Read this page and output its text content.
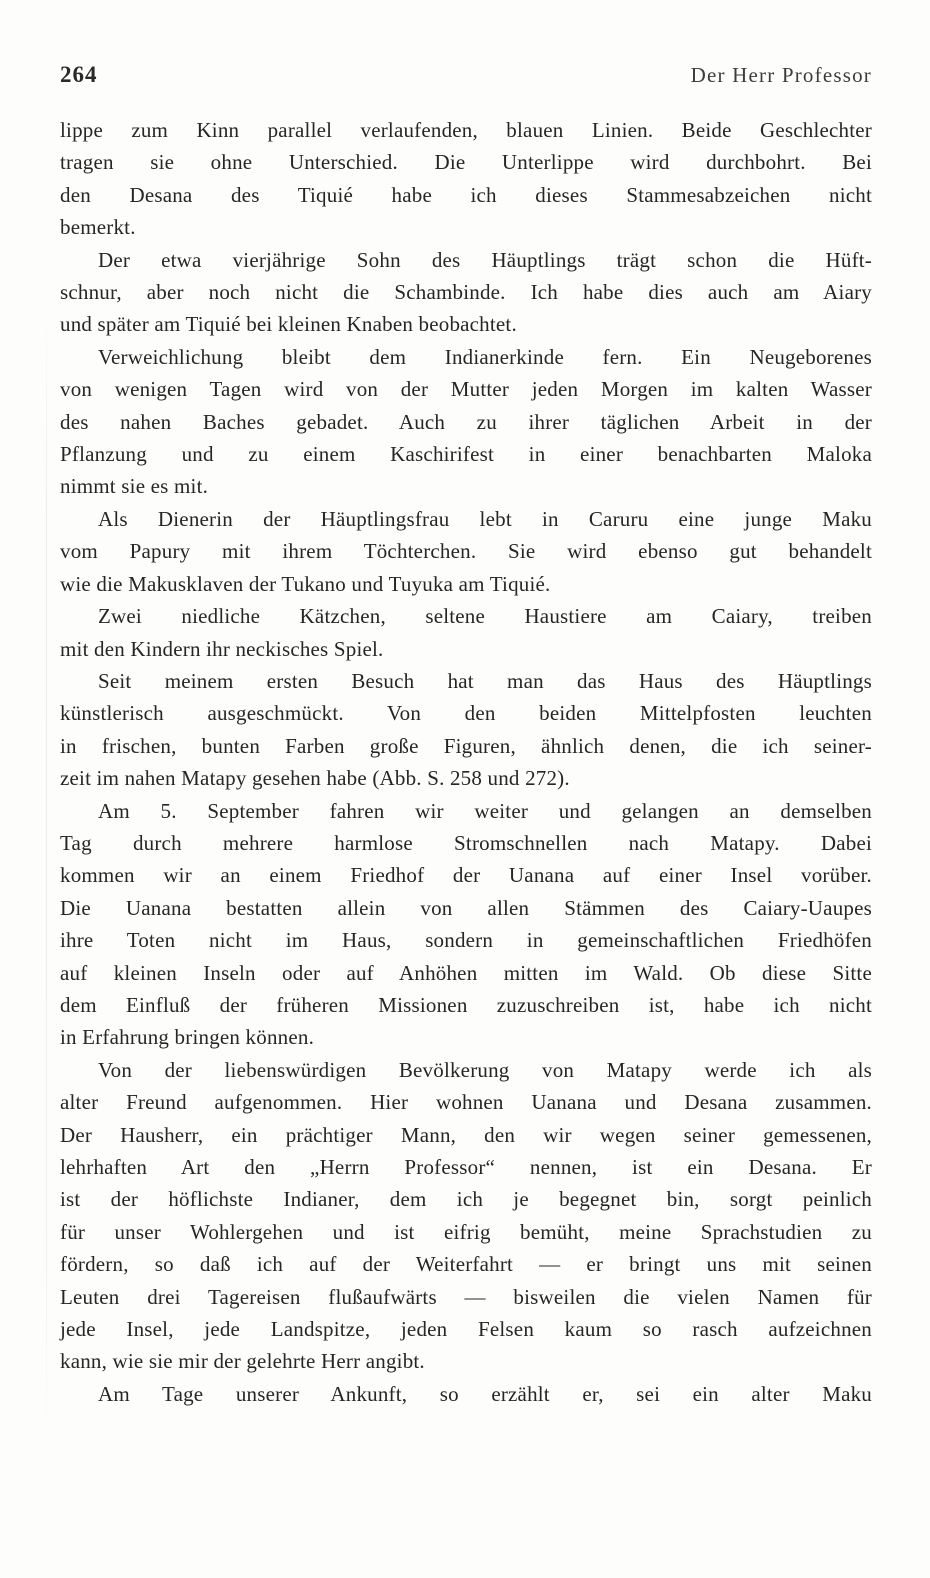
264	Der Herr Professor

lippe zum Kinn parallel verlaufenden, blauen Linien. Beide Geschlechter
tragen sie ohne Unterschied. Die Unterlippe wird durchbohrt. Bei
den Desana des Tiquié habe ich dieses Stammesabzeichen nicht
bemerkt.

Der etwa vierjährige Sohn des Häuptlings trägt schon die Hüft-
schnur, aber noch nicht die Schambinde. Ich habe dies auch am Aiary
und später am Tiquié bei kleinen Knaben beobachtet.

Verweichlichung bleibt dem Indianerkinde fern. Ein Neugeborenes
von wenigen Tagen wird von der Mutter jeden Morgen im kalten Wasser
des nahen Baches gebadet. Auch zu ihrer täglichen Arbeit in der
Pflanzung und zu einem Kaschirifest in einer benachbarten Maloka
nimmt sie es mit.

Als Dienerin der Häuptlingsfrau lebt in Caruru eine junge Maku
vom Papury mit ihrem Töchterchen. Sie wird ebenso gut behandelt
wie die Makusklaven der Tukano und Tuyuka am Tiquié.

Zwei niedliche Kätzchen, seltene Haustiere am Caiary, treiben
mit den Kindern ihr neckisches Spiel.

Seit meinem ersten Besuch hat man das Haus des Häuptlings
künstlerisch ausgeschmückt. Von den beiden Mittelpfosten leuchten
in frischen, bunten Farben große Figuren, ähnlich denen, die ich seiner-
zeit im nahen Matapy gesehen habe (Abb. S. 258 und 272).

Am 5. September fahren wir weiter und gelangen an demselben
Tag durch mehrere harmlose Stromschnellen nach Matapy. Dabei
kommen wir an einem Friedhof der Uanana auf einer Insel vorüber.
Die Uanana bestatten allein von allen Stämmen des Caiary-Uaupes
ihre Toten nicht im Haus, sondern in gemeinschaftlichen Friedhöfen
auf kleinen Inseln oder auf Anhöhen mitten im Wald. Ob diese Sitte
dem Einfluß der früheren Missionen zuzuschreiben ist, habe ich nicht
in Erfahrung bringen können.

Von der liebenswürdigen Bevölkerung von Matapy werde ich als
alter Freund aufgenommen. Hier wohnen Uanana und Desana zusammen.
Der Hausherr, ein prächtiger Mann, den wir wegen seiner gemessenen,
lehrhaften Art den „Herrn Professor“ nennen, ist ein Desana. Er
ist der höflichste Indianer, dem ich je begegnet bin, sorgt peinlich
für unser Wohlergehen und ist eifrig bemüht, meine Sprachstudien zu
fördern, so daß ich auf der Weiterfahrt — er bringt uns mit seinen
Leuten drei Tagereisen flußaufwärts — bisweilen die vielen Namen für
jede Insel, jede Landspitze, jeden Felsen kaum so rasch aufzeichnen
kann, wie sie mir der gelehrte Herr angibt.

Am Tage unserer Ankunft, so erzählt er, sei ein alter Maku
